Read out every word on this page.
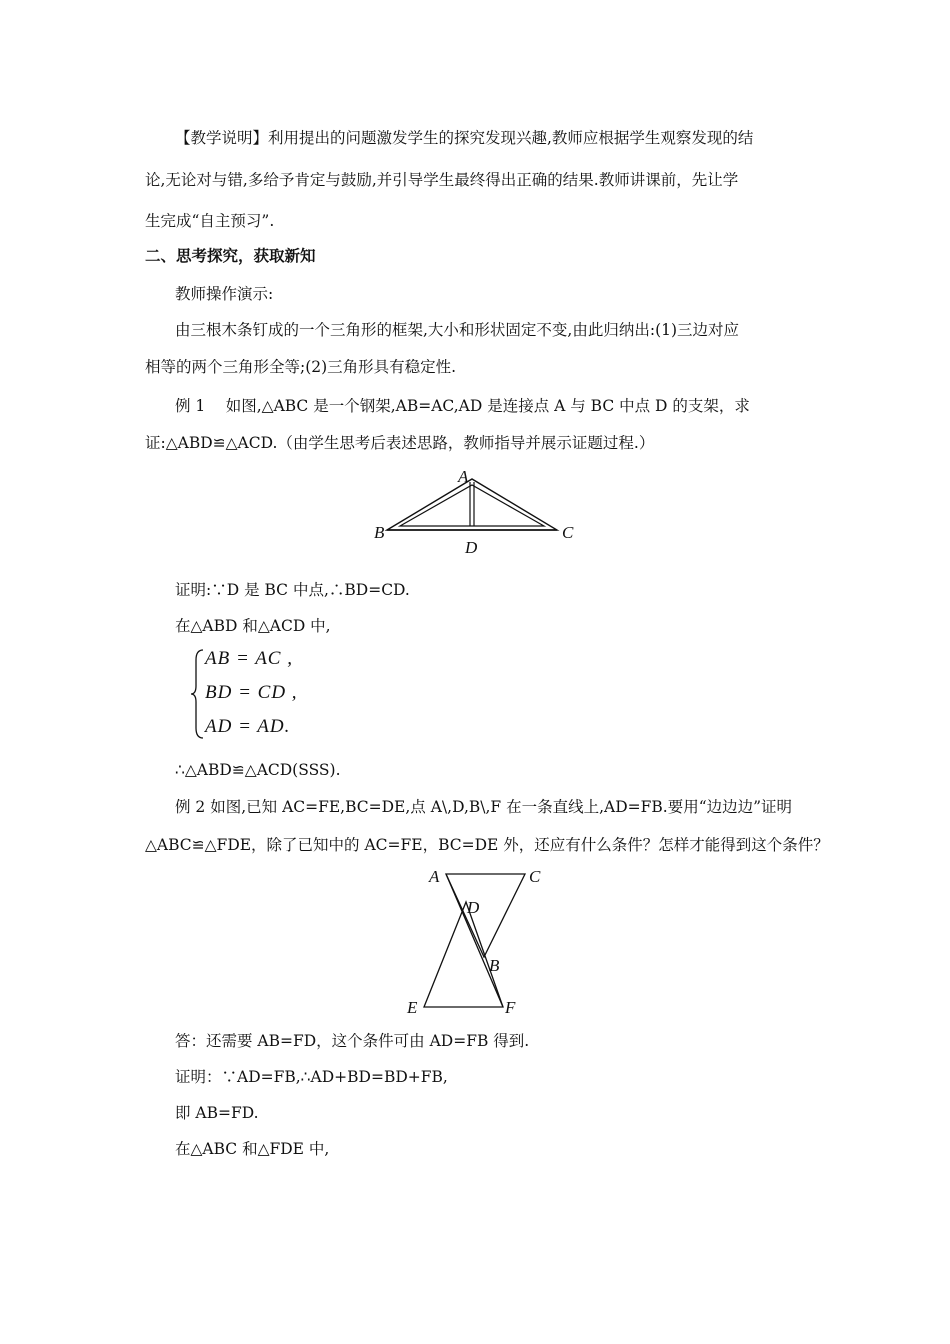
【教学说明】利用提出的问题激发学生的探究发现兴趣,教师应根据学生观察发现的结
论,无论对与错,多给予肯定与鼓励,并引导学生最终得出正确的结果.教师讲课前，先让学
生完成“自主预习”.
二、思考探究，获取新知
教师操作演示:
由三根木条钉成的一个三角形的框架,大小和形状固定不变,由此归纳出:(1)三边对应
相等的两个三角形全等;(2)三角形具有稳定性.
例 1　 如图,△ABC 是一个钢架,AB=AC,AD 是连接点 A 与 BC 中点 D 的支架，求
证:△ABD≌△ACD.（由学生思考后表述思路，教师指导并展示证题过程.）
A
B	C
D
证明:∵D 是 BC 中点,∴BD=CD.
在△ABD 和△ACD 中,
AB = AC ,
BD = CD ,
AD = AD.
∴△ABD≌△ACD(SSS).
例 2 如图,已知 AC=FE,BC=DE,点 A\,D,B\,F 在一条直线上,AD=FB.要用“边边边”证明
△ABC≌△FDE，除了已知中的 AC=FE，BC=DE 外，还应有什么条件？怎样才能得到这个条件？
A	C
D
B
E	F
答：还需要 AB=FD，这个条件可由 AD=FB 得到.
证明：∵AD=FB,∴AD+BD=BD+FB,
即 AB=FD.
在△ABC 和△FDE 中,
